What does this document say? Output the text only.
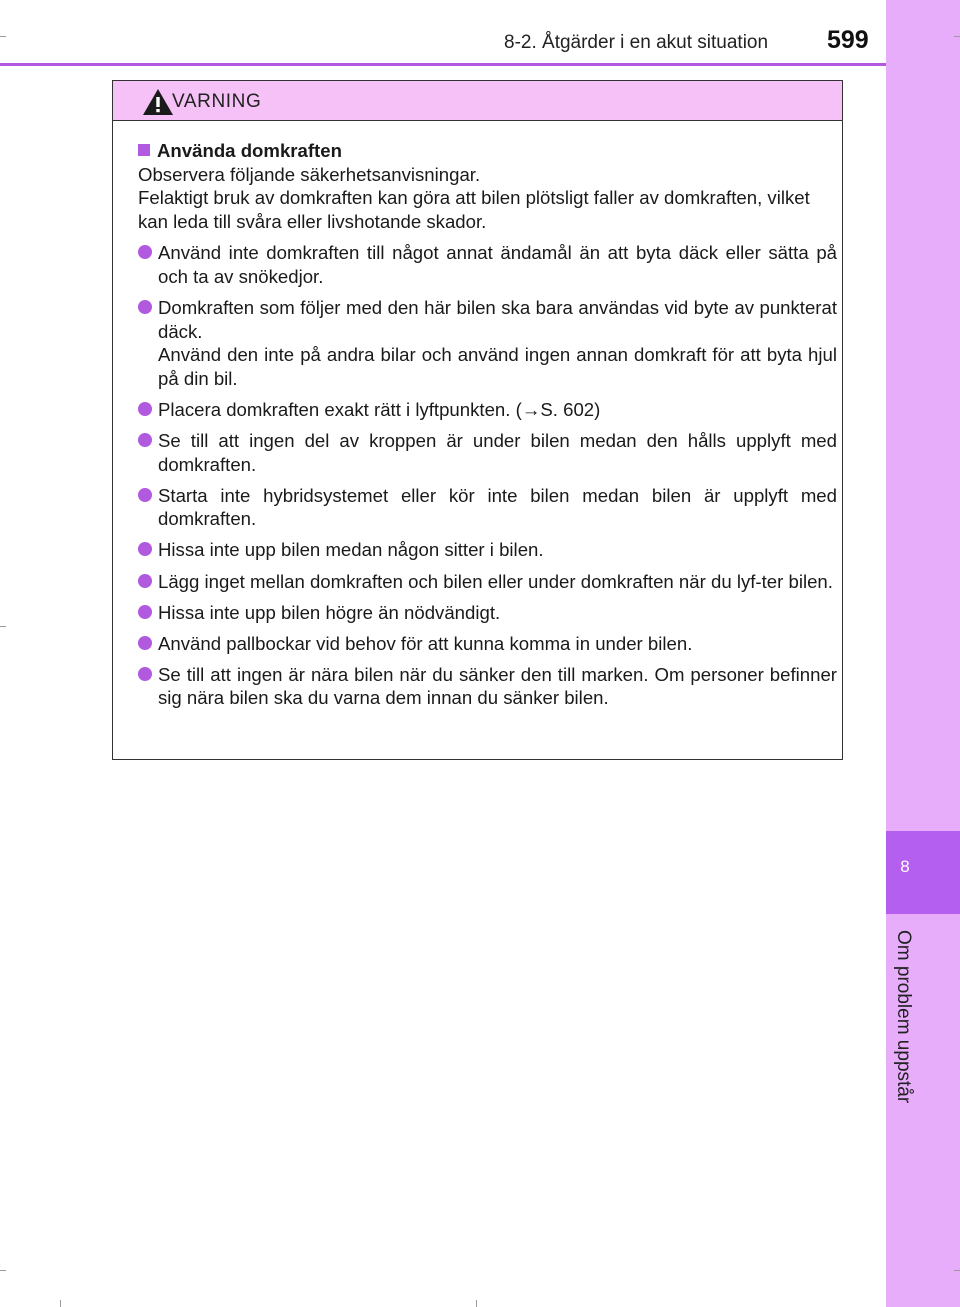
8-2. Åtgärder i en akut situation 599
8
Om problem uppstår
VARNING
Använda domkraften
Observera följande säkerhetsanvisningar.
Felaktigt bruk av domkraften kan göra att bilen plötsligt faller av domkraften, vilket kan leda till svåra eller livshotande skador.
Använd inte domkraften till något annat ändamål än att byta däck eller sätta på och ta av snökedjor.
Domkraften som följer med den här bilen ska bara användas vid byte av punkterat däck.
Använd den inte på andra bilar och använd ingen annan domkraft för att byta hjul på din bil.
Placera domkraften exakt rätt i lyftpunkten. (→S. 602)
Se till att ingen del av kroppen är under bilen medan den hålls upplyft med domkraften.
Starta inte hybridsystemet eller kör inte bilen medan bilen är upplyft med domkraften.
Hissa inte upp bilen medan någon sitter i bilen.
Lägg inget mellan domkraften och bilen eller under domkraften när du lyf-ter bilen.
Hissa inte upp bilen högre än nödvändigt.
Använd pallbockar vid behov för att kunna komma in under bilen.
Se till att ingen är nära bilen när du sänker den till marken. Om personer befinner sig nära bilen ska du varna dem innan du sänker bilen.
